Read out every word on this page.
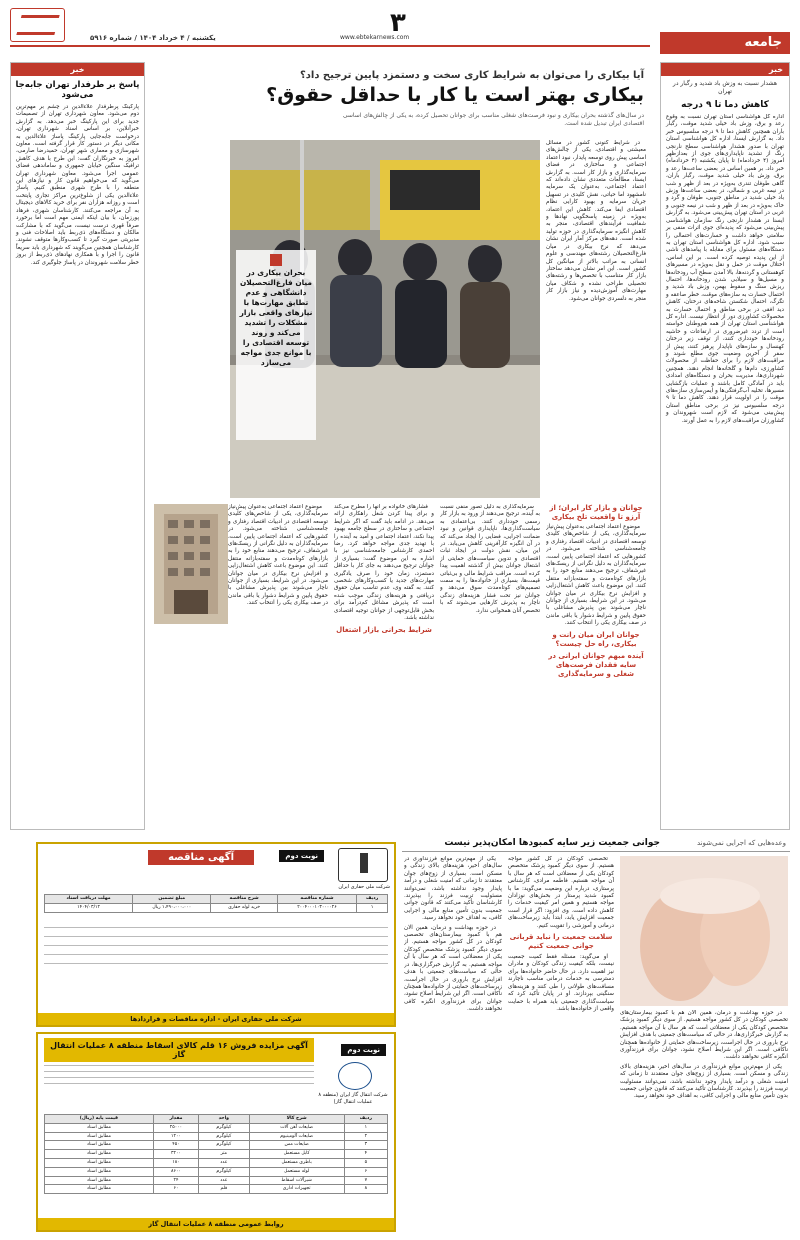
جامعه
۳
www.ebtekarnews.com
یکشنبه / ۴ خرداد ۱۴۰۴ / شماره ۵۹۱۶
خبر
هشدار نسبت به وزش باد شدید و رگبار در تهران
کاهش دما تا ۹ درجه
اداره کل هواشناسی استان تهران نسبت به وقوع رعد و برق، وزش باد خیلی شدید موقت، رگبار باران همچنین کاهش دما تا ۹ درجه سلسیوس خبر داد. به گزارش ایسنا، اداره کل هواشناسی استان تهران با صدور هشدار هواشناسی سطح نارنجی رنگ از تشدید ناپایداری‌های جوی از بعدازظهر امروز (۴ خردادماه) تا پایان یکشنبه (۴ خردادماه) خبر داد. بر همین اساس در بعضی ساعت‌ها رعد و برق، وزش باد خیلی شدید موقت، رگبار باران، گاهی طوفان تندری به‌ویژه در بعد از ظهر و شب در نیمه غربی و شمالی، در بعضی ساعت‌ها وزش باد خیلی شدید در مناطق جنوبی، طوفان و گرد و خاک به‌ویژه در بعد از ظهر و شب در نیمه جنوبی و غربی در استان تهران پیش‌بینی می‌شود. به گزارش ایسنا در هشدار نارنجی رنگ سازمان هواشناسی پیش‌بینی می‌شود که پدیده‌ای جوی اثرات منفی بر سلامتی خواهد داشت و خسارت‌های احتمالی را سبب شود. اداره کل هواشناسی استان تهران به دستگاه‌های مسئول برای مقابله با پیامدهای ناشی از این پدیده توصیه کرده است. بر این اساس، اختلال موقت در حمل و نقل به‌ویژه در مسیرهای کوهستانی و گردنه‌ها، بالا آمدن سطح آب رودخانه‌ها و مسیل‌ها و سیلابی شدن رودخانه‌ها، احتمال ریزش سنگ و سقوط بهمن، وزش باد شدید و احتمال خسارت به سازه‌های موقت، خطر صاعقه و تگرگ، احتمال شکستن شاخه‌های درختان، کاهش دید افقی در برخی مناطق و احتمال خسارت به محصولات کشاورزی دور از انتظار نیست. اداره کل هواشناسی استان تهران از همه هم‌وطنان خواسته است از تردد غیرضروری در ارتفاعات و حاشیه رودخانه‌ها خودداری کنند، از توقف زیر درختان کهنسال و سازه‌های ناپایدار پرهیز کنند، پیش از سفر از آخرین وضعیت جوی مطلع شوند و مراقبت‌های لازم را برای حفاظت از محصولات کشاورزی، دام‌ها و گلخانه‌ها انجام دهند. همچنین شهرداری‌ها، مدیریت بحران و دستگاه‌های امدادی باید در آمادگی کامل باشند و عملیات بازگشایی مسیرها، تخلیه آب‌گرفتگی‌ها و ایمن‌سازی سازه‌های موقت را در اولویت قرار دهند. کاهش دما تا ۹ درجه سلسیوس نیز در برخی مناطق استان پیش‌بینی می‌شود که لازم است شهروندان و کشاورزان مراقبت‌های لازم را به عمل آورند.
آیا بیکاری را می‌توان به شرایط کاری سخت و دستمزد پایین ترجیح داد؟
بیکاری بهتر است یا کار با حداقل حقوق؟
در سال‌های گذشته بحران بیکاری و نبود فرصت‌های شغلی مناسب برای جوانان تحصیل کرده، به یکی از چالش‌های اساسی اقتصادی ایران تبدیل شده است.

در شرایط کنونی کشور در مسائل معیشتی و اقتصادی، یکی از چالش‌های اساسی پیش روی توسعه پایدار، نبود اعتماد اجتماعی و ساختاری در فضای سرمایه‌گذاری و بازار کار است. به گزارش ایسنا، مطالعات متعددی نشان داده‌اند که اعتماد اجتماعی، به‌عنوان یک سرمایه نامشهود اما حیاتی، نقش کلیدی در تسهیل جریان سرمایه و بهبود کارایی نظام اقتصادی ایفا می‌کند. کاهش این اعتماد، به‌ویژه در زمینه پاسخگویی نهادها و شفافیت فرآیندهای اقتصادی، منجر به کاهش انگیزه سرمایه‌گذاری در حوزه تولید شده است. دهه‌های مرکز آمار ایران نشان می‌دهد که نرخ بیکاری در میان فارغ‌التحصیلان رشته‌های مهندسی و علوم انسانی به مراتب بالاتر از میانگین کل کشور است. این امر نشان می‌دهد ساختار بازار کار متناسب با تخصص‌ها و رشته‌های تحصیلی طراحی نشده و شکاف میان مهارت‌های آموزش‌دیده و نیاز بازار کار منجر به دلسردی جوانان می‌شود.

بحران بیکاری در میان فارغ‌التحصیلان دانشگاهی و عدم تطابق مهارت‌ها با نیازهای واقعی بازار مشکلات را تشدید می‌کند و روند توسعه اقتصادی را با موانع جدی مواجه می‌سازد
جوانان و بازار کار ایران؛ از آرزو تا واقعیت تلخ بیکاری

موضوع اعتماد اجتماعی به‌عنوان پیش‌نیاز سرمایه‌گذاری، یکی از شاخص‌های کلیدی توسعه اقتصادی در ادبیات اقتصاد رفتاری و جامعه‌شناسی شناخته می‌شود. در کشورهایی که اعتماد اجتماعی پایین است، سرمایه‌گذاران به دلیل نگرانی از ریسک‌های غیرشفاف، ترجیح می‌دهند منابع خود را به بازارهای کوتاه‌مدت و سفته‌بازانه منتقل کنند. این موضوع باعث کاهش اشتغال‌زایی و افزایش نرخ بیکاری در میان جوانان می‌شود. در این شرایط، بسیاری از جوانان ناچار می‌شوند بین پذیرش مشاغلی با حقوق پایین و شرایط دشوار یا باقی ماندن در صف بیکاری یکی را انتخاب کنند.

جوانان ایران میان رانت و بیکاری، راه حل چیست؟
آینده مبهم جوانان ایرانی در سایه فقدان فرصت‌های شغلی و سرمایه‌گذاری

سرمایه‌گذاری به دلیل تصور منفی نسبت به آینده، ترجیح می‌دهند از ورود به بازار کار رسمی خودداری کنند. بی‌اعتمادی به سیاست‌گذاری‌ها، ناپایداری قوانین و نبود ضمانت اجرایی، فضایی را ایجاد می‌کند که در آن انگیزه کارآفرینی کاهش می‌یابد. در این میان، نقش دولت در ایجاد ثبات اقتصادی و تدوین سیاست‌های حمایتی از اشتغال جوانان بیش از گذشته اهمیت پیدا کرده است. مراقب شرایط مالی و بی‌ثباتی قیمت‌ها، بسیاری از خانواده‌ها را به سمت تصمیم‌های کوتاه‌مدت سوق می‌دهد و جوانان نیز تحت فشار هزینه‌های زندگی ناچار به پذیرش کارهایی می‌شوند که با تخصص آنان همخوانی ندارد.

فشارهای خانواده بر آنها را مطرح می‌کند و برای پیدا کردن شغل راهکاری ارائه می‌دهد. در ادامه باید گفت که اگر شرایط اجتماعی و ساختاری در سطح جامعه بهبود پیدا نکند، اعتماد اجتماعی و امید به آینده را با تهدید جدی مواجه خواهد کرد. رضا احمدی کارشناس جامعه‌شناسی نیز با اشاره به این موضوع گفت: بسیاری از جوانان ترجیح می‌دهند به جای کار با حداقل دستمزد، زمان خود را صرف یادگیری مهارت‌های جدید یا کسب‌وکارهای شخصی کنند. به گفته وی، عدم تناسب میان حقوق دریافتی و هزینه‌های زندگی موجب شده است که پذیرش مشاغل کم‌درآمد برای بخش قابل‌توجهی از جوانان توجیه اقتصادی نداشته باشد.

شرایط بحرانی بازار اشتغال

موضوع اعتماد اجتماعی به‌عنوان پیش‌نیاز سرمایه‌گذاری، یکی از شاخص‌های کلیدی توسعه اقتصادی در ادبیات اقتصاد رفتاری و جامعه‌شناسی شناخته می‌شود. در کشورهایی که اعتماد اجتماعی پایین است، سرمایه‌گذاران به دلیل نگرانی از ریسک‌های غیرشفاف، ترجیح می‌دهند منابع خود را به بازارهای کوتاه‌مدت و سفته‌بازانه منتقل کنند. این موضوع باعث کاهش اشتغال‌زایی و افزایش نرخ بیکاری در میان جوانان می‌شود. در این شرایط، بسیاری از جوانان ناچار می‌شوند بین پذیرش مشاغلی با حقوق پایین و شرایط دشوار یا باقی ماندن در صف بیکاری یکی را انتخاب کنند.

خبر
پاسخ بر طرفدار تهران جابه‌جا می‌شود
پارکینگ پرطرفدار علاءالدین در چشم بر مهم‌ترین دوم می‌شود. معاون شهرداری تهران از تصمیمات جدید برای این پارکینگ خبر می‌دهد. به گزارش خبرآنلاین، بر اساس اسناد شهرداری تهران، درخواست جابه‌جایی پارکینگ پاساژ علاءالدین به مکانی دیگر در دستور کار قرار گرفته است. معاون شهرسازی و معماری شهر تهران، حمیدرضا صارمی، امروز به خبرنگاران گفت: این طرح با هدف کاهش ترافیک سنگین خیابان جمهوری و ساماندهی فضای عمومی اجرا می‌شود. معاون شهرداری تهران می‌گوید که می‌خواهیم قانون کار و نیازهای این منطقه را با طرح شهری منطبق کنیم. پاساژ علاءالدین یکی از شلوغ‌ترین مراکز تجاری پایتخت است و روزانه هزاران نفر برای خرید کالاهای دیجیتال به آن مراجعه می‌کنند. کارشناسان شهری، فرهاد پورزمان، با بیان اینکه ایمنی مهم است اما برخورد صرفاً قهری درست نیست، می‌گوید که با مشارکت مالکان و دستگاه‌های ذی‌ربط باید اصلاحات فنی و مدیریتی صورت گیرد تا کسب‌وکارها متوقف نشوند. کارشناسان همچنین می‌گویند که شهرداری باید سریعاً قانون را اجرا و با همکاری نهادهای ذی‌ربط از بروز خطر سلامت شهروندان در پاساژ جلوگیری کند.
نوبت دوم
آگهی مناقصه
شرکت ملی حفاری ایران
ردیف	شماره مناقصه	شرح مناقصه	مبلغ تضمین	مهلت دریافت اسناد
۱	۲۰۰۴۰۰۰۱۰۳۰۰۰۰۲۶	خرید لوله حفاری	۱،۴۹۰،۰۰۰،۰۰۰ ریال	۱۴۰۴/۰۳/۱۲
شرکت ملی حفاری ایران - اداره مناقصات و قراردادها
نوبت دوم
آگهی مزایده فروش ۱۶ قلم کالای اسقاط منطقه ۸ عملیات انتقال گاز
شرکت انتقال گاز ایران (منطقه ۸ عملیات انتقال گاز)
ردیف	شرح کالا	واحد	مقدار	قیمت پایه (ریال)
۱	ضایعات آهن آلات	کیلوگرم	۲۵۰۰۰	مطابق اسناد
۲	ضایعات آلومینیوم	کیلوگرم	۱۲۰۰	مطابق اسناد
۳	ضایعات مس	کیلوگرم	۴۵۰	مطابق اسناد
۴	کابل مستعمل	متر	۳۲۰۰	مطابق اسناد
۵	باطری مستعمل	عدد	۱۸۰	مطابق اسناد
۶	لوله مستعمل	کیلوگرم	۸۶۰۰	مطابق اسناد
۷	شیرآلات اسقاط	عدد	۲۴	مطابق اسناد
۸	تجهیزات اداری	قلم	۶۰	مطابق اسناد
روابط عمومی منطقه ۸ عملیات انتقال گاز
وعده‌هایی که اجرایی نمی‌شوند
جوانی جمعیت زیر سایه کمبودها امکان‌پذیر نیست

در حوزه بهداشت و درمان، همین الان هم با کمبود بیمارستان‌های تخصصی کودکان در کل کشور مواجه هستیم. از سوی دیگر کمبود پزشک متخصص کودکان یکی از معضلاتی است که هر سال با آن مواجه هستیم. به گزارش خبرگزاری‌ها، در حالی که سیاست‌های جمعیتی با هدف افزایش نرخ باروری در حال اجراست، زیرساخت‌های حمایتی از خانواده‌ها همچنان ناکافی است. اگر این شرایط اصلاح نشود، جوانان برای فرزندآوری انگیزه کافی نخواهند داشت.

یکی از مهم‌ترین موانع فرزندآوری در سال‌های اخیر، هزینه‌های بالای زندگی و مسکن است. بسیاری از زوج‌های جوان معتقدند تا زمانی که امنیت شغلی و درآمد پایدار وجود نداشته باشد، نمی‌توانند مسئولیت تربیت فرزند را بپذیرند. کارشناسان تأکید می‌کنند که قانون جوانی جمعیت بدون تأمین منابع مالی و اجرایی کافی، به اهداف خود نخواهد رسید.

تخصصی کودکان در کل کشور مواجه هستیم. از سوی دیگر کمبود پزشک متخصص کودکان یکی از معضلاتی است که هر سال با آن مواجه هستیم. فاطمه مرادی، کارشناس پرستاری، درباره این وضعیت می‌گوید: ما با کمبود شدید پرستار در بخش‌های نوزادان مواجه هستیم و همین امر کیفیت خدمات را کاهش داده است. وی افزود: اگر قرار است جمعیت افزایش یابد، ابتدا باید زیرساخت‌های درمانی و آموزشی را تقویت کنیم.

سلامت جمعیت را نباید قربانی جوانی جمعیت کنیم

او می‌گوید: مسئله فقط کمیت جمعیت نیست، بلکه کیفیت زندگی کودکان و مادران نیز اهمیت دارد. در حال حاضر خانواده‌ها برای دسترسی به خدمات درمانی مناسب ناچارند مسافت‌های طولانی را طی کنند و هزینه‌های سنگینی بپردازند. او در پایان تأکید کرد که سیاست‌گذاری جمعیتی باید همراه با حمایت واقعی از خانواده‌ها باشد.

یکی از مهم‌ترین موانع فرزندآوری در سال‌های اخیر، هزینه‌های بالای زندگی و مسکن است. بسیاری از زوج‌های جوان معتقدند تا زمانی که امنیت شغلی و درآمد پایدار وجود نداشته باشد، نمی‌توانند مسئولیت تربیت فرزند را بپذیرند. کارشناسان تأکید می‌کنند که قانون جوانی جمعیت بدون تأمین منابع مالی و اجرایی کافی، به اهداف خود نخواهد رسید.

در حوزه بهداشت و درمان، همین الان هم با کمبود بیمارستان‌های تخصصی کودکان در کل کشور مواجه هستیم. از سوی دیگر کمبود پزشک متخصص کودکان یکی از معضلاتی است که هر سال با آن مواجه هستیم. به گزارش خبرگزاری‌ها، در حالی که سیاست‌های جمعیتی با هدف افزایش نرخ باروری در حال اجراست، زیرساخت‌های حمایتی از خانواده‌ها همچنان ناکافی است. اگر این شرایط اصلاح نشود، جوانان برای فرزندآوری انگیزه کافی نخواهند داشت.
